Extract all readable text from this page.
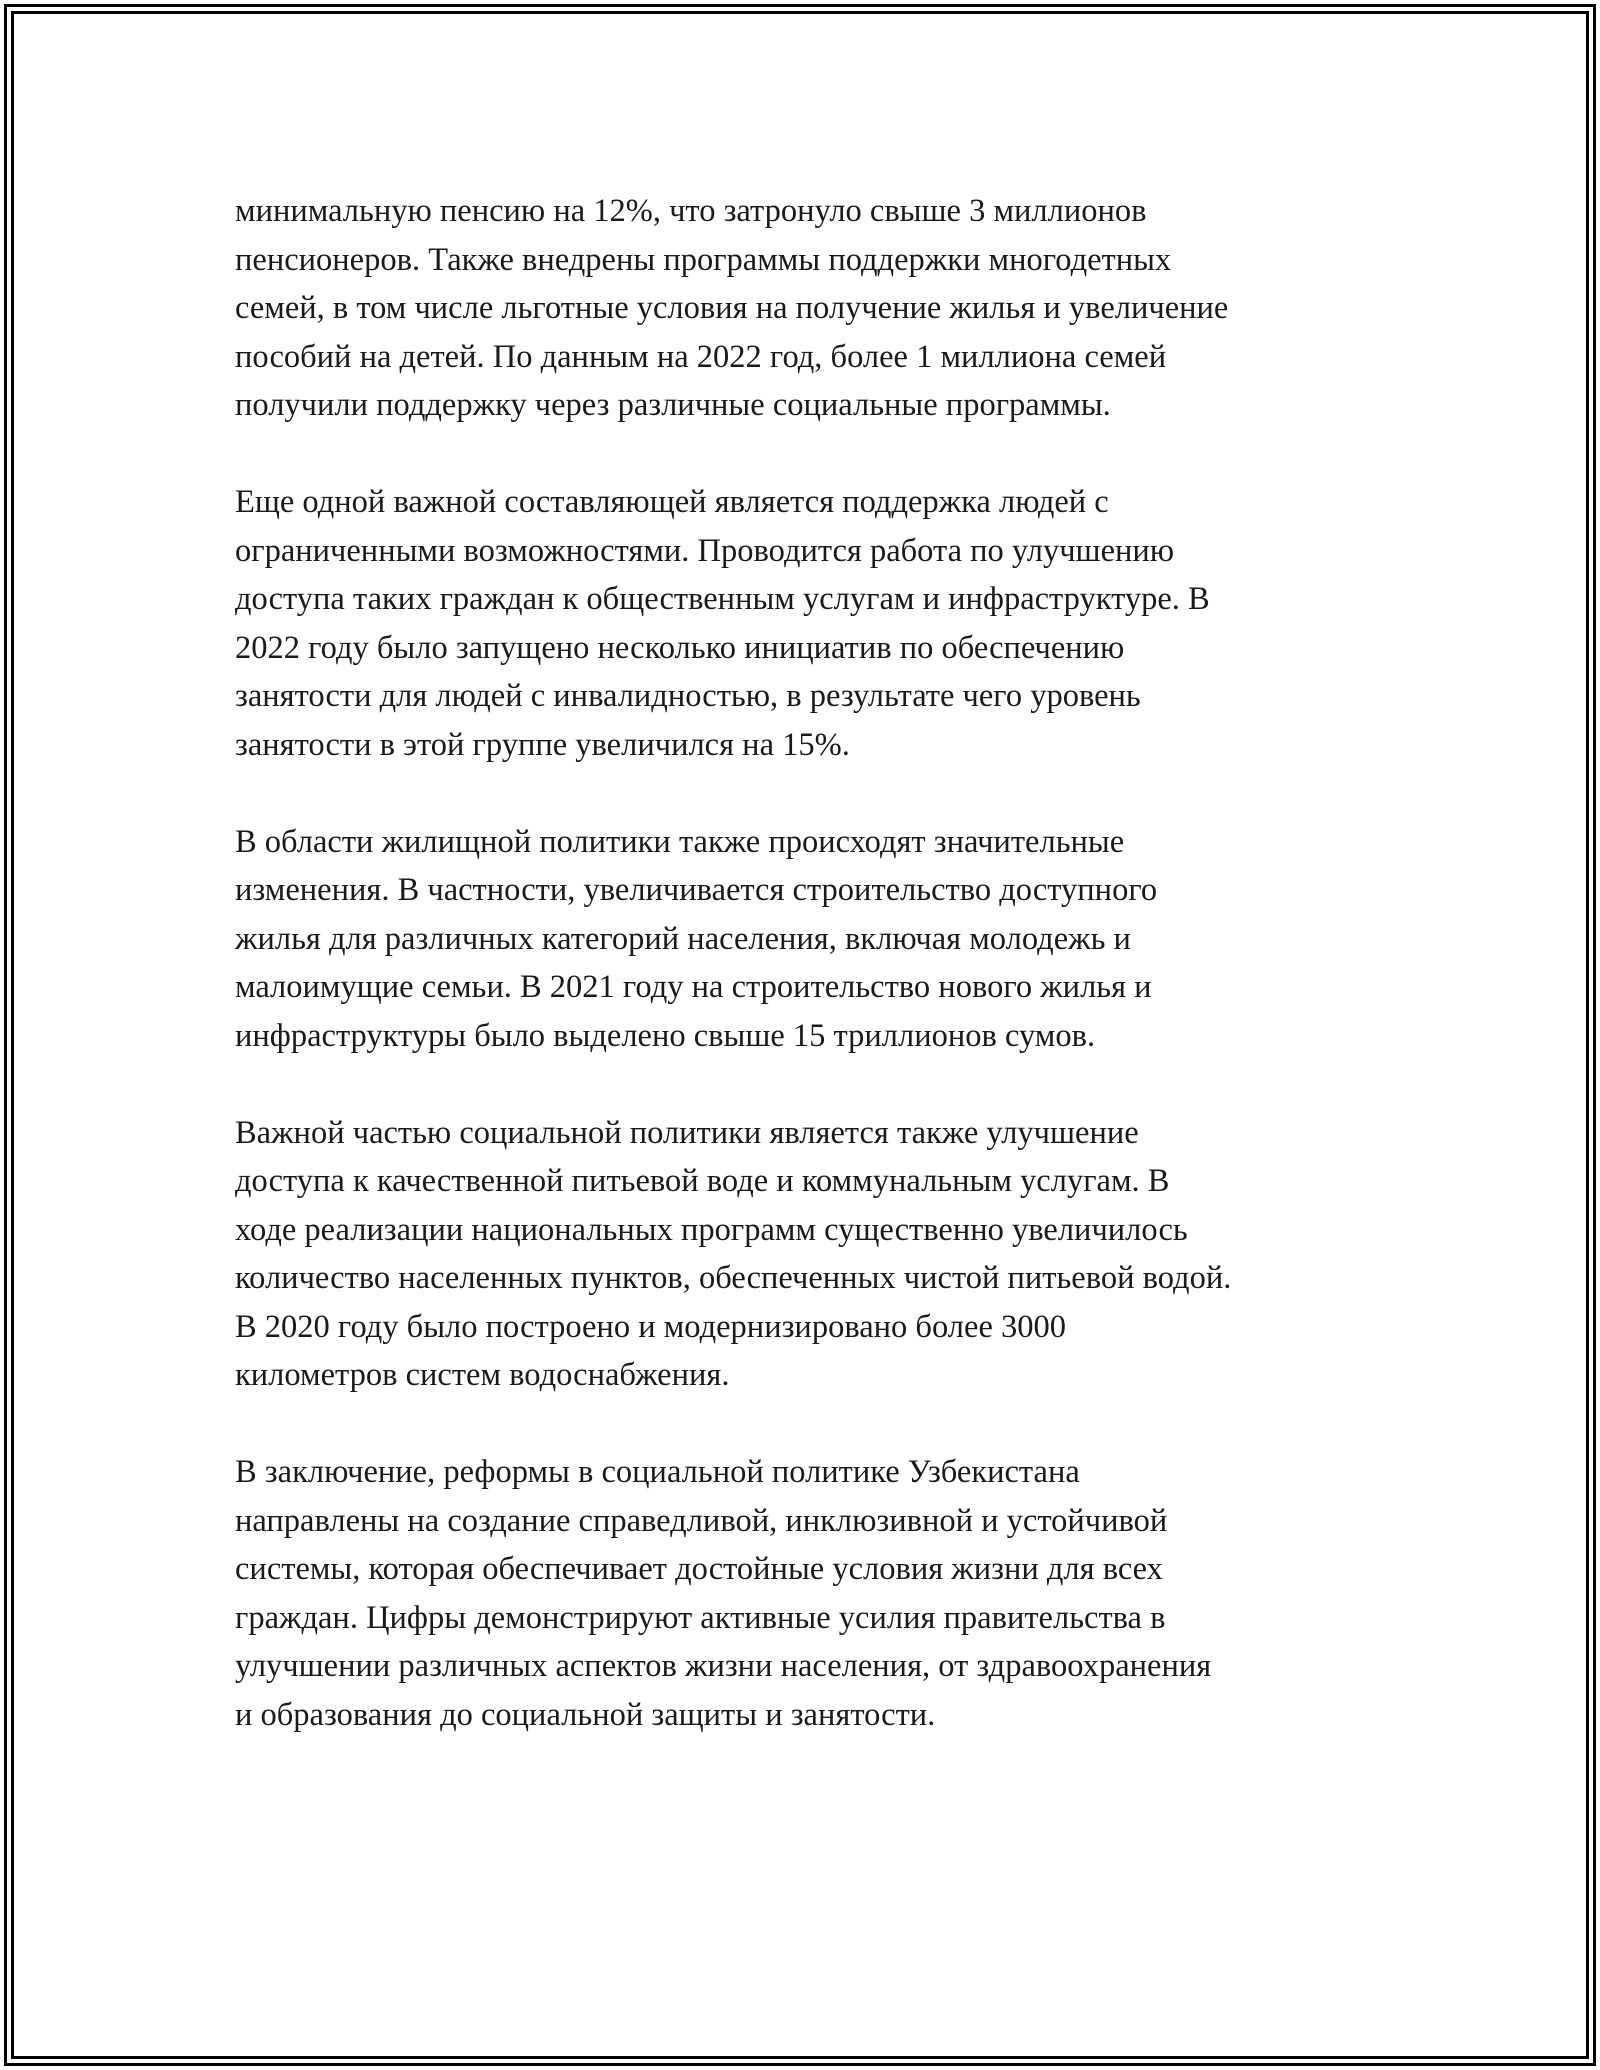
минимальную пенсию на 12%, что затронуло свыше 3 миллионов
пенсионеров. Также внедрены программы поддержки многодетных
семей, в том числе льготные условия на получение жилья и увеличение
пособий на детей. По данным на 2022 год, более 1 миллиона семей
получили поддержку через различные социальные программы.

Еще одной важной составляющей является поддержка людей с
ограниченными возможностями. Проводится работа по улучшению
доступа таких граждан к общественным услугам и инфраструктуре. В
2022 году было запущено несколько инициатив по обеспечению
занятости для людей с инвалидностью, в результате чего уровень
занятости в этой группе увеличился на 15%.

В области жилищной политики также происходят значительные
изменения. В частности, увеличивается строительство доступного
жилья для различных категорий населения, включая молодежь и
малоимущие семьи. В 2021 году на строительство нового жилья и
инфраструктуры было выделено свыше 15 триллионов сумов.

Важной частью социальной политики является также улучшение
доступа к качественной питьевой воде и коммунальным услугам. В
ходе реализации национальных программ существенно увеличилось
количество населенных пунктов, обеспеченных чистой питьевой водой.
В 2020 году было построено и модернизировано более 3000
километров систем водоснабжения.

В заключение, реформы в социальной политике Узбекистана
направлены на создание справедливой, инклюзивной и устойчивой
системы, которая обеспечивает достойные условия жизни для всех
граждан. Цифры демонстрируют активные усилия правительства в
улучшении различных аспектов жизни населения, от здравоохранения
и образования до социальной защиты и занятости.
